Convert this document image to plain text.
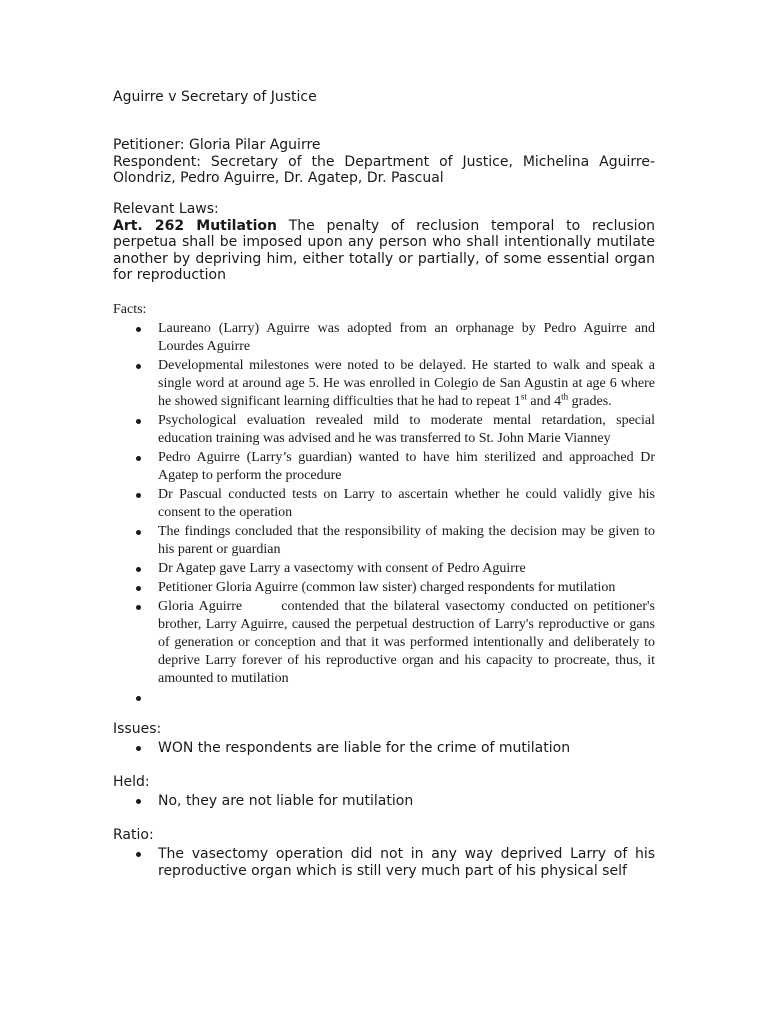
Aguirre v Secretary of Justice

Petitioner: Gloria Pilar Aguirre

Respondent: Secretary of the Department of Justice, Michelina Aguirre-Olondriz, Pedro Aguirre, Dr. Agatep, Dr. Pascual

Relevant Laws:

Art. 262 Mutilation The penalty of reclusion temporal to reclusion perpetua shall be imposed upon any person who shall intentionally mutilate another by depriving him, either totally or partially, of some essential organ for reproduction

Facts:
Laureano (Larry) Aguirre was adopted from an orphanage by Pedro Aguirre and Lourdes Aguirre
Developmental milestones were noted to be delayed. He started to walk and speak a single word at around age 5. He was enrolled in Colegio de San Agustin at age 6 where he showed significant learning difficulties that he had to repeat 1st and 4th grades.
Psychological evaluation revealed mild to moderate mental retardation, special education training was advised and he was transferred to St. John Marie Vianney
Pedro Aguirre (Larry’s guardian) wanted to have him sterilized and approached Dr Agatep to perform the procedure
Dr Pascual conducted tests on Larry to ascertain whether he could validly give his consent to the operation
The findings concluded that the responsibility of making the decision may be given to his parent or guardian
Dr Agatep gave Larry a vasectomy with consent of Pedro Aguirre
Petitioner Gloria Aguirre (common law sister) charged respondents for mutilation
Gloria Aguirre       contended that the bilateral vasectomy conducted on petitioner's brother, Larry Aguirre, caused the perpetual destruction of Larry's reproductive or gans  of generation or conception and that it was performed intentionally and deliberately to deprive Larry forever of his reproductive organ and his capacity to procreate, thus, it amounted to mutilation
Issues:
WON the respondents are liable for the crime of mutilation
Held:
No, they are not liable for mutilation
Ratio:
The vasectomy operation did not in any way deprived Larry of his reproductive organ which is still very much part of his physical self
